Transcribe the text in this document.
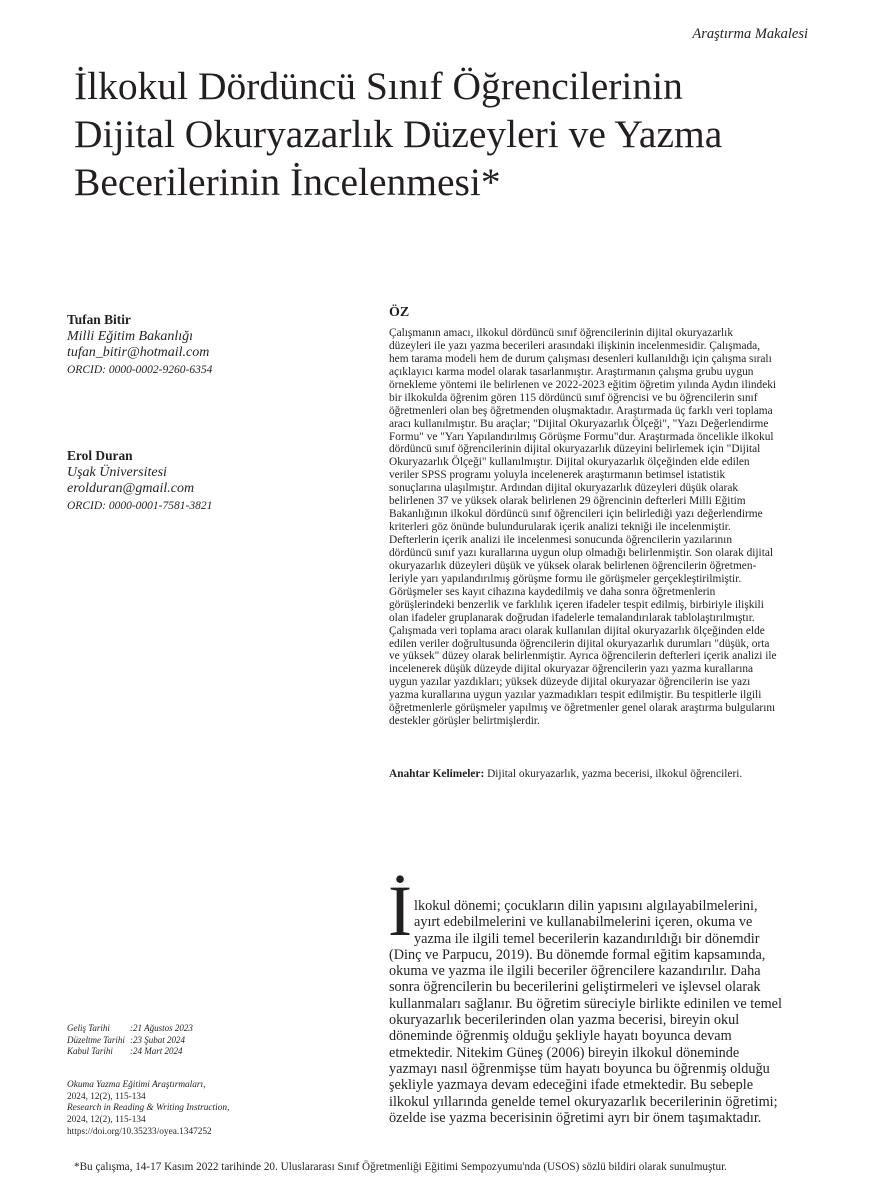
Araştırma Makalesi
İlkokul Dördüncü Sınıf Öğrencilerinin
Dijital Okuryazarlık Düzeyleri ve Yazma
Becerilerinin İncelenmesi*
Tufan Bitir
Milli Eğitim Bakanlığı
tufan_bitir@hotmail.com
ORCID: 0000-0002-9260-6354
Erol Duran
Uşak Üniversitesi
erolduran@gmail.com
ORCID: 0000-0001-7581-3821
ÖZ
Çalışmanın amacı, ilkokul dördüncü sınıf öğrencilerinin dijital okuryazarlık
düzeyleri ile yazı yazma becerileri arasındaki ilişkinin incelenmesidir. Çalışmada,
hem tarama modeli hem de durum çalışması desenleri kullanıldığı için çalışma sıralı
açıklayıcı karma model olarak tasarlanmıştır. Araştırmanın çalışma grubu uygun
örnekleme yöntemi ile belirlenen ve 2022-2023 eğitim öğretim yılında Aydın ilindeki
bir ilkokulda öğrenim gören 115 dördüncü sınıf öğrencisi ve bu öğrencilerin sınıf
öğretmenleri olan beş öğretmenden oluşmaktadır. Araştırmada üç farklı veri toplama
aracı kullanılmıştır. Bu araçlar; "Dijital Okuryazarlık Ölçeği", "Yazı Değerlendirme
Formu" ve "Yarı Yapılandırılmış Görüşme Formu"dur. Araştırmada öncelikle ilkokul
dördüncü sınıf öğrencilerinin dijital okuryazarlık düzeyini belirlemek için "Dijital
Okuryazarlık Ölçeği" kullanılmıştır. Dijital okuryazarlık ölçeğinden elde edilen
veriler SPSS programı yoluyla incelenerek araştırmanın betimsel istatistik
sonuçlarına ulaşılmıştır. Ardından dijital okuryazarlık düzeyleri düşük olarak
belirlenen 37 ve yüksek olarak belirlenen 29 öğrencinin defterleri Milli Eğitim
Bakanlığının ilkokul dördüncü sınıf öğrencileri için belirlediği yazı değerlendirme
kriterleri göz önünde bulundurularak içerik analizi tekniği ile incelenmiştir.
Defterlerin içerik analizi ile incelenmesi sonucunda öğrencilerin yazılarının
dördüncü sınıf yazı kurallarına uygun olup olmadığı belirlenmiştir. Son olarak dijital
okuryazarlık düzeyleri düşük ve yüksek olarak belirlenen öğrencilerin öğretmen-
leriyle yarı yapılandırılmış görüşme formu ile görüşmeler gerçekleştirilmiştir.
Görüşmeler ses kayıt cihazına kaydedilmiş ve daha sonra öğretmenlerin
görüşlerindeki benzerlik ve farklılık içeren ifadeler tespit edilmiş, birbiriyle ilişkili
olan ifadeler gruplanarak doğrudan ifadelerle temalandırılarak tablolaştırılmıştır.
Çalışmada veri toplama aracı olarak kullanılan dijital okuryazarlık ölçeğinden elde
edilen veriler doğrultusunda öğrencilerin dijital okuryazarlık durumları "düşük, orta
ve yüksek" düzey olarak belirlenmiştir. Ayrıca öğrencilerin defterleri içerik analizi ile
incelenerek düşük düzeyde dijital okuryazar öğrencilerin yazı yazma kurallarına
uygun yazılar yazdıkları; yüksek düzeyde dijital okuryazar öğrencilerin ise yazı
yazma kurallarına uygun yazılar yazmadıkları tespit edilmiştir. Bu tespitlerle ilgili
öğretmenlerle görüşmeler yapılmış ve öğretmenler genel olarak araştırma bulgularını
destekler görüşler belirtmişlerdir.
Anahtar Kelimeler: Dijital okuryazarlık, yazma becerisi, ilkokul öğrencileri.
İ lkokul dönemi; çocukların dilin yapısını algılayabilmelerini,
ayırt edebilmelerini ve kullanabilmelerini içeren, okuma ve
yazma ile ilgili temel becerilerin kazandırıldığı bir dönemdir
(Dinç ve Parpucu, 2019). Bu dönemde formal eğitim kapsamında,
okuma ve yazma ile ilgili beceriler öğrencilere kazandırılır. Daha
sonra öğrencilerin bu becerilerini geliştirmeleri ve işlevsel olarak
kullanmaları sağlanır. Bu öğretim süreciyle birlikte edinilen ve temel
okuryazarlık becerilerinden olan yazma becerisi, bireyin okul
döneminde öğrenmiş olduğu şekliyle hayatı boyunca devam
etmektedir. Nitekim Güneş (2006) bireyin ilkokul döneminde
yazmayı nasıl öğrenmişse tüm hayatı boyunca bu öğrenmiş olduğu
şekliyle yazmaya devam edeceğini ifade etmektedir. Bu sebeple
ilkokul yıllarında genelde temel okuryazarlık becerilerinin öğretimi;
özelde ise yazma becerisinin öğretimi ayrı bir önem taşımaktadır.
Geliş Tarihi	:21 Ağustos 2023
Düzeltme Tarihi :23 Şubat 2024
Kabul Tarihi	:24 Mart 2024
Okuma Yazma Eğitimi Araştırmaları,
2024, 12(2), 115-134
Research in Reading & Writing Instruction,
2024, 12(2), 115-134
https://doi.org/10.35233/oyea.1347252
*Bu çalışma, 14-17 Kasım 2022 tarihinde 20. Uluslararası Sınıf Öğretmenliği Eğitimi Sempozyumu'nda (USOS) sözlü bildiri olarak sunulmuştur.
